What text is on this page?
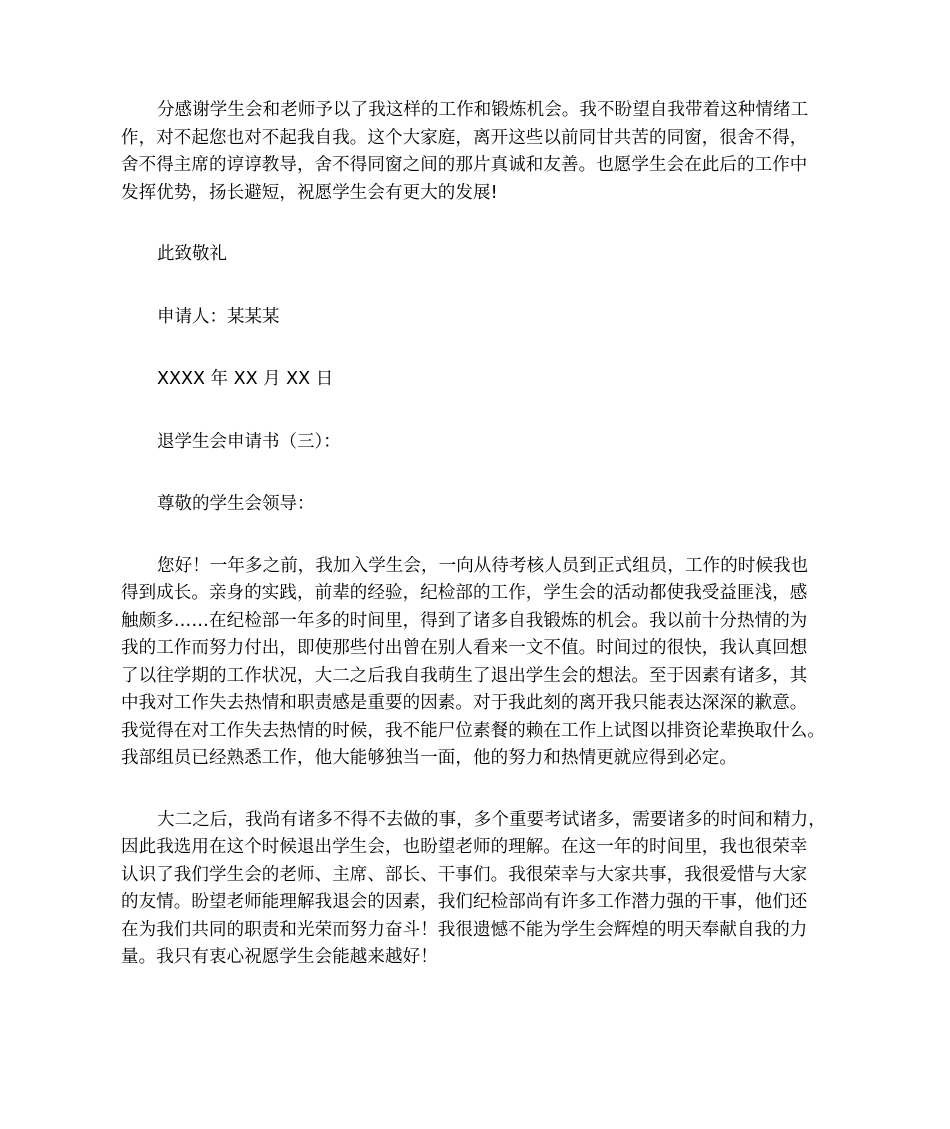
分感谢学生会和老师予以了我这样的工作和锻炼机会。我不盼望自我带着这种情绪工
作，对不起您也对不起我自我。这个大家庭，离开这些以前同甘共苦的同窗，很舍不得，
舍不得主席的谆谆教导，舍不得同窗之间的那片真诚和友善。也愿学生会在此后的工作中
发挥优势，扬长避短，祝愿学生会有更大的发展!

此致敬礼

申请人：某某某

XXXX 年 XX 月 XX 日

退学生会申请书（三）：

尊敬的学生会领导：

您好！一年多之前，我加入学生会，一向从待考核人员到正式组员，工作的时候我也
得到成长。亲身的实践，前辈的经验，纪检部的工作，学生会的活动都使我受益匪浅，感
触颇多……在纪检部一年多的时间里，得到了诸多自我锻炼的机会。我以前十分热情的为
我的工作而努力付出，即使那些付出曾在别人看来一文不值。时间过的很快，我认真回想
了以往学期的工作状况，大二之后我自我萌生了退出学生会的想法。至于因素有诸多，其
中我对工作失去热情和职责感是重要的因素。对于我此刻的离开我只能表达深深的歉意。
我觉得在对工作失去热情的时候，我不能尸位素餐的赖在工作上试图以排资论辈换取什么。
我部组员已经熟悉工作，他大能够独当一面，他的努力和热情更就应得到必定。
大二之后，我尚有诸多不得不去做的事，多个重要考试诸多，需要诸多的时间和精力，
因此我选用在这个时候退出学生会，也盼望老师的理解。在这一年的时间里，我也很荣幸
认识了我们学生会的老师、主席、部长、干事们。我很荣幸与大家共事，我很爱惜与大家
的友情。盼望老师能理解我退会的因素，我们纪检部尚有许多工作潜力强的干事，他们还
在为我们共同的职责和光荣而努力奋斗！我很遗憾不能为学生会辉煌的明天奉献自我的力
量。我只有衷心祝愿学生会能越来越好！
